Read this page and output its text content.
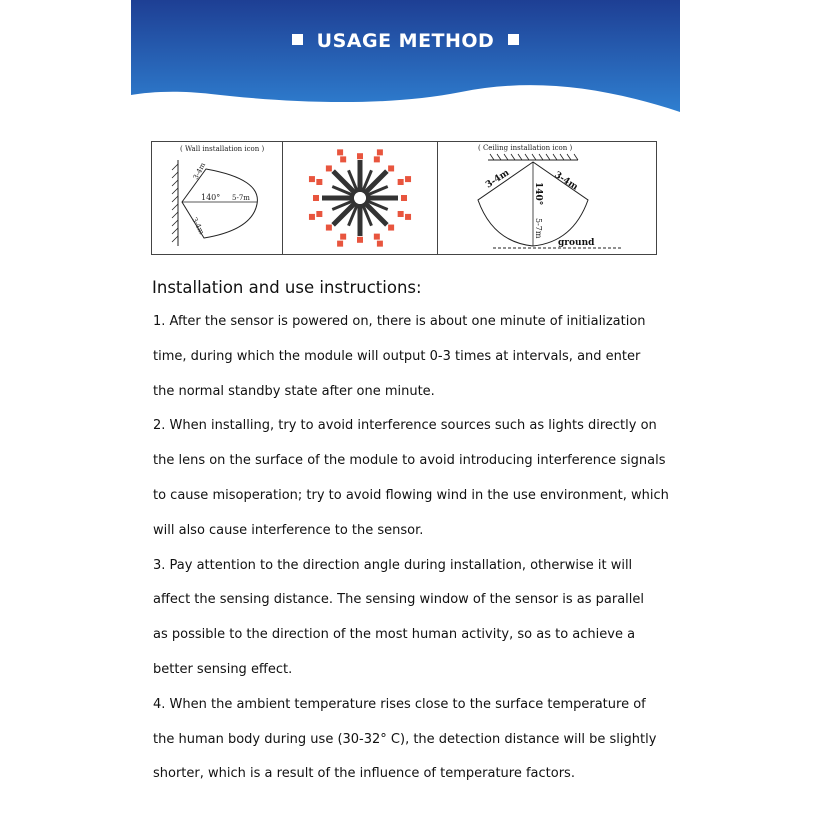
USAGE METHOD
( Wall installation icon )
140° 5-7m
3-4m
3-4m
( Ceiling installation icon )
3-4m	3-4m
140°
5-7m
ground
Installation and use instructions:
1. After the sensor is powered on, there is about one minute of initialization
time, during which the module will output 0-3 times at intervals, and enter
the normal standby state after one minute.
2. When installing, try to avoid interference sources such as lights directly on
the lens on the surface of the module to avoid introducing interference signals
to cause misoperation; try to avoid flowing wind in the use environment, which
will also cause interference to the sensor.
3. Pay attention to the direction angle during installation, otherwise it will
affect the sensing distance. The sensing window of the sensor is as parallel
as possible to the direction of the most human activity, so as to achieve a
better sensing effect.
4. When the ambient temperature rises close to the surface temperature of
the human body during use (30-32° C), the detection distance will be slightly
shorter, which is a result of the influence of temperature factors.
